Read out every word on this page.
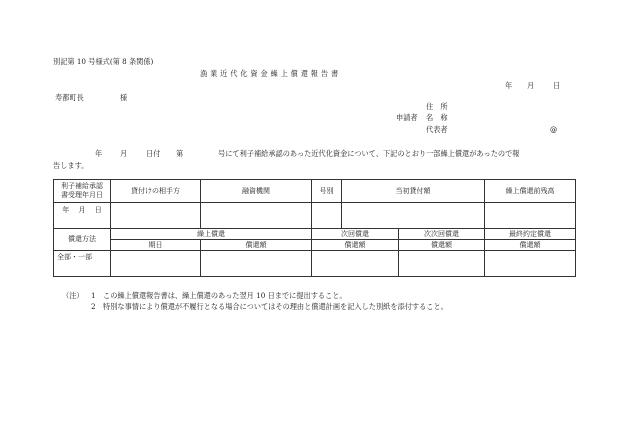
別記第 10 号様式(第 8 条関係)
漁 業 近 代 化 資 金 繰 上 償 還 報 告 書
年 月	日
寿都町長	様
住　所
申請者 名　称
代表者	@
年 月	日付 第	号にて利子補給承認のあった近代化資金について、下記のとおり一部繰上償還があったので報
告します。
利子補給承認
書受理年月日	貸付けの相手方	融資機関	号別	当初貸付額		繰上償還前残高
年　 月　 日						
償還方法	繰上償還		次回償還		次次回償還	最終約定償還
	期日	償還額	償還額		償還額	償還額
全部・一部						
（注） 1 この繰上償還報告書は、繰上償還のあった翌月 10 日までに提出すること。
2 特別な事情により償還が不履行となる場合についてはその理由と償還計画を記入した別紙を添付すること。
